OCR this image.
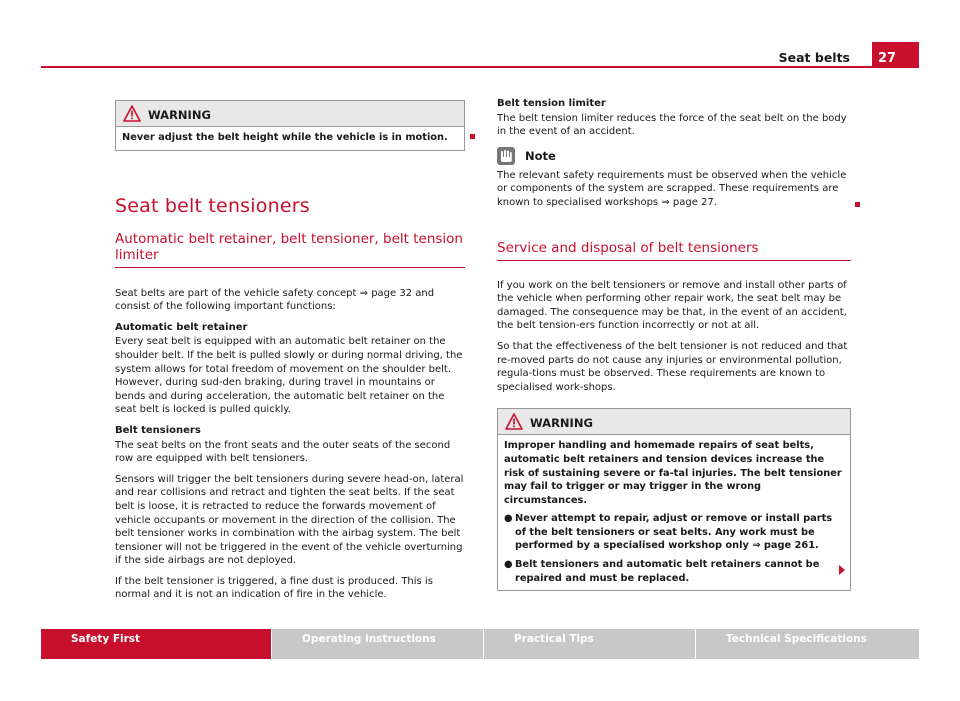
Seat belts	27
WARNING
Never adjust the belt height while the vehicle is in motion.
Seat belt tensioners
Automatic belt retainer, belt tensioner, belt tension limiter

Seat belts are part of the vehicle safety concept ⇒ page 32 and consist of the following important functions:

Automatic belt retainer

Every seat belt is equipped with an automatic belt retainer on the shoulder belt. If the belt is pulled slowly or during normal driving, the system allows for total freedom of movement on the shoulder belt. However, during sud-den braking, during travel in mountains or bends and during acceleration, the automatic belt retainer on the seat belt is locked is pulled quickly.

Belt tensioners

The seat belts on the front seats and the outer seats of the second row are equipped with belt tensioners.

Sensors will trigger the belt tensioners during severe head-on, lateral and rear collisions and retract and tighten the seat belts. If the seat belt is loose, it is retracted to reduce the forwards movement of vehicle occupants or movement in the direction of the collision. The belt tensioner works in combination with the airbag system. The belt tensioner will not be triggered in the event of the vehicle overturning if the side airbags are not deployed.

If the belt tensioner is triggered, a fine dust is produced. This is normal and it is not an indication of fire in the vehicle.

Belt tension limiter

The belt tension limiter reduces the force of the seat belt on the body in the event of an accident.

Note

The relevant safety requirements must be observed when the vehicle or components of the system are scrapped. These requirements are known to specialised workshops ⇒ page 27.

Service and disposal of belt tensioners

If you work on the belt tensioners or remove and install other parts of the vehicle when performing other repair work, the seat belt may be damaged. The consequence may be that, in the event of an accident, the belt tension-ers function incorrectly or not at all.

So that the effectiveness of the belt tensioner is not reduced and that re-moved parts do not cause any injuries or environmental pollution, regula-tions must be observed. These requirements are known to specialised work-shops.

WARNING

Improper handling and homemade repairs of seat belts, automatic belt retainers and tension devices increase the risk of sustaining severe or fa-tal injuries. The belt tensioner may fail to trigger or may trigger in the wrong circumstances.

● Never attempt to repair, adjust or remove or install parts of the belt tensioners or seat belts. Any work must be performed by a specialised workshop only ⇒ page 261.

● Belt tensioners and automatic belt retainers cannot be repaired and must be replaced.

Safety First	Operating instructions	Practical Tips	Technical Specifications
